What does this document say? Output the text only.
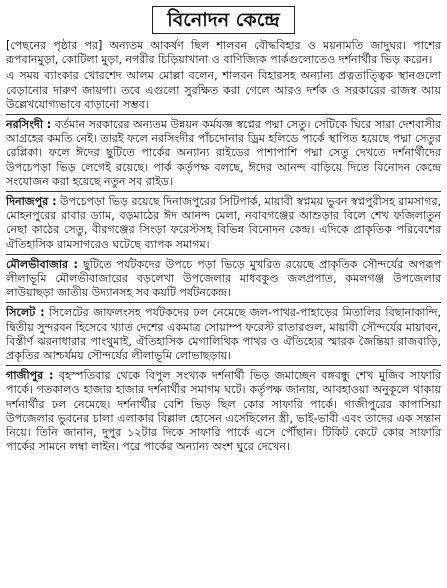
বিনোদন কেন্দ্রে

[পেছনের পৃষ্ঠার পর] অন্যতম আকর্ষণ ছিল শালবন বৌদ্ধবিহার ও ময়নামতি জাদুঘর। পাশের রূপবানমুড়া, কোটিলা মুড়া, নগরীর চিড়িয়াখানা ও বাণিজ্যিক পার্কগুলোতেও দর্শনার্থীর ভিড় করেন।

এ সময় ব্যাংকার খোরশেদ আলম মোল্লা বলেন, শালবন বিহারসহ অন্যান্য প্রত্নতাত্ত্বিক স্থানগুলো বেড়ানোর দারুণ জায়গা। তবে এগুলো সুরক্ষিত করা গেলে আরও দর্শক ও সরকারের রাজস্ব আয় উল্লেখযোগ্যভাবে বাড়ানো সম্ভব।

নরসিংদী : বর্তমান সরকারের অন্যতম উন্নয়ন কর্মযজ্ঞ স্বপ্নের পদ্মা সেতু। সেটিকে ঘিরে সারা দেশবাসীর আগ্রহের কমতি নেই। তারই ফলে নরসিংদীর পাঁচদোনার ড্রিম হলিডে পার্কে স্থাপিত হয়েছে পদ্মা সেতুর রেপ্লিকা। ফলে ঈদের ছুটিতে পার্কের অন্যান্য রাইডের পাশাপাশি পদ্মা সেতু দেখতে দর্শনার্থীদের উপচেপড়া ভিড় লেগেই রয়েছে। পার্ক কর্তৃপক্ষ বলছে, ঈদের আনন্দ বাড়িয়ে দিতে বিনোদন কেন্দ্রে সংযোজন করা হয়েছে নতুন সব রাইড।

দিনাজপুর : উপচেপড়া ভিড় রয়েছে দিনাজপুরের সিটিপার্ক, মায়াবী স্বপ্নময় ভুবন স্বপ্নপুরীসহ রামসাগর, মোহনপুরের রাবার ড্যাম, বড়মাঠের ঈদ আনন্দ মেলা, নবাবগঞ্জের আশুড়ার বিলে শেখ ফজিলাতুন নেছা কাঠের সেতু, বীরগঞ্জের সিংড়া ফরেস্টসহ বিভিন্ন বিনোদন কেন্দ্র। এদিকে প্রাকৃতিক পরিবেশের ঐতিহাসিক রামসাগরেও ঘটেছে ব্যাপক সমাগম।

মৌলভীবাজার : ছুটিতে পর্যটকদের উপচে পড়া ভিড়ে মুখরিত রয়েছে প্রাকৃতিক সৌন্দর্যের অপরূপ লীলাভূমি মৌলভীবাজারের বড়লেখা উপজেলার মাধবকুণ্ড জলপ্রপাত, কমলগঞ্জ উপজেলার লাউয়াছড়া জাতীয় উদ্যানসহ সব কয়টি পর্যটনকেন্দ্র।

সিলেট : সিলেটের জাফলংসহ পর্যটকদের ঢল নেমেছে জল-পাথর-পাহাড়ের মিতালির বিছানাকান্দি, দ্বিতীয় সুন্দরবন হিসেবে খ্যাত দেশের একমাত্র সোয়াম্প ফরেস্ট রাতারগুল, মায়াবী সৌন্দর্যের মায়াবন, বিস্তীর্ণ ঝরনাধারার পাংথুমাই, ঐতিহাসিক মেগালিথিক পাথর ও ঐতিহ্যের স্মারক জৈন্তিয়া রাজবাড়ি, প্রকৃতির আশ্চর্যময় সৌন্দর্যের লীলাভূমি লোভাছড়ায়।

গাজীপুর : বৃহস্পতিবার থেকে বিপুল সংখ্যক দর্শনার্থী ভিড় জমাচ্ছেন বঙ্গবন্ধু শেখ মুজিব সাফারি পার্কে। গতকালও হাজার হাজার দর্শনার্থীর সমাগম ঘটে। কর্তৃপক্ষ জানায়, আবহাওয়া অনুকূলে থাকায় দর্শনার্থীর ঢল নেমেছে। দর্শনার্থীর বেশি ভিড় ছিল কোর সাফারি পার্কে। গাজীপুরের কাপাসিয়া উপজেলার ভুবনের চালা এলাকার বিল্লাল হোসেন এসেছিলেন স্ত্রী, ভাই-ভাবী এবং তাদের এক সন্তান নিয়ে। তিনি জানান, দুপুর ১২টার দিকে সাফারি পার্কে এসে পৌঁছান। টিকিট কেটে কোর সাফারি পার্কের সামনে লম্বা লাইন। পরে পার্কের অন্যান্য অংশ ঘুরে দেখেন।
